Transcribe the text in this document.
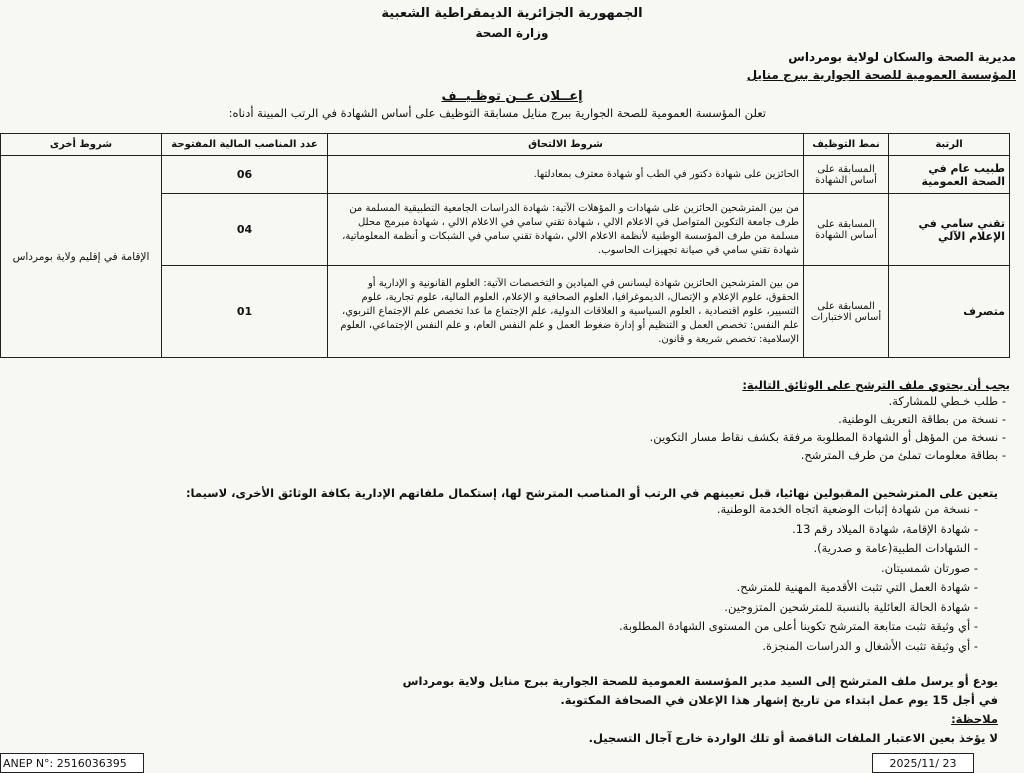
الجمهورية الجزائرية الديمقراطية الشعبية
وزارة الصحة
مديرية الصحة والسكان لولاية بومرداس
المؤسسة العمومية للصحة الجوارية ببرج منايل
إعــلان عــن توظـيــف
تعلن المؤسسة العمومية للصحة الجوارية ببرج منايل مسابقة التوظيف على أساس الشهادة في الرتب المبينة أدناه:
الرتبة	نمط التوظيف	شروط الالتحاق	عدد المناصب المالية المفتوحة	شروط أخرى
طبيب عام في الصحة العمومية	المسابقة على أساس الشهادة	الحائزين على شهادة دكتور في الطب أو شهادة معترف بمعادلتها.	06	الإقامة في إقليم ولاية بومرداس
تقني سامي في الإعلام الآلي	المسابقة على أساس الشهادة	من بين المترشحين الحائزين على شهادات و المؤهلات الآتية: شهادة الدراسات الجامعية التطبيقية المسلمة من طرف جامعة التكوين المتواصل في الاعلام الالي ، شهادة تقني سامي في الاعلام الالي ، شهادة مبرمج محلل مسلمة من طرف المؤسسة الوطنية لأنظمة الاعلام الالي ،شهادة تقني سامي في الشبكات و أنظمة المعلوماتية، شهادة تقني سامي في صيانة تجهيزات الحاسوب.	04	
متصرف	المسابقة على أساس الاختبارات	من بين المترشحين الحائزين شهادة ليسانس في الميادين و التخصصات الآتية: العلوم القانونية و الإدارية أو الحقوق، علوم الإعلام و الإتصال، الديموغرافيا، العلوم الصحافية و الإعلام، العلوم المالية، علوم تجارية، علوم التسيير، علوم اقتصادية ، العلوم السياسية و العلاقات الدولية، علم الإجتماع ما عدا تخصص علم الإجتماع التربوي، علم النفس: تخصص العمل و التنظيم أو إدارة ضغوط العمل و علم النفس العام، و علم النفس الإجتماعي، العلوم الإسلامية: تخصص شريعة و قانون.	01	
يجب أن يحتوي ملف الترشح على الوثائق التالية:
- طلب خـطي للمشاركة.
- نسخة من بطاقة التعريف الوطنية.
- نسخة من المؤهل أو الشهادة المطلوبة مرفقة بكشف نقاط مسار التكوين.
- بطاقة معلومات تملئ من طرف المترشح.
يتعين على المترشحين المقبولين نهائيا، قبل تعيينهم في الرتب أو المناصب المترشح لها، إستكمال ملفاتهم الإدارية بكافة الوثائق الأخرى، لاسيما:
- نسخة من شهادة إثبات الوضعية اتجاه الخدمة الوطنية.
- شهادة الإقامة، شهادة الميلاد رقم 13.
- الشهادات الطبية(عامة و صدرية).
- صورتان شمسيتان.
- شهادة العمل التي تثبت الأقدمية المهنية للمترشح.
- شهادة الحالة العائلية بالنسبة للمترشحين المتزوجين.
- أي وثيقة تثبت متابعة المترشح تكوينا أعلى من المستوى الشهادة المطلوبة.
- أي وثيقة تثبت الأشغال و الدراسات المنجزة.
يودع أو يرسل ملف المترشح إلى السيد مدير المؤسسة العمومية للصحة الجوارية ببرج منايل ولاية بومرداس
في أجل 15 يوم عمل ابتداء من تاريخ إشهار هذا الإعلان في الصحافة المكتوبة.
ملاحظة:
لا يؤخذ بعين الاعتبار الملفات الناقصة أو تلك الواردة خارج آجال التسجيل.
ANEP N°: 2516036395	2025/11/ 23
